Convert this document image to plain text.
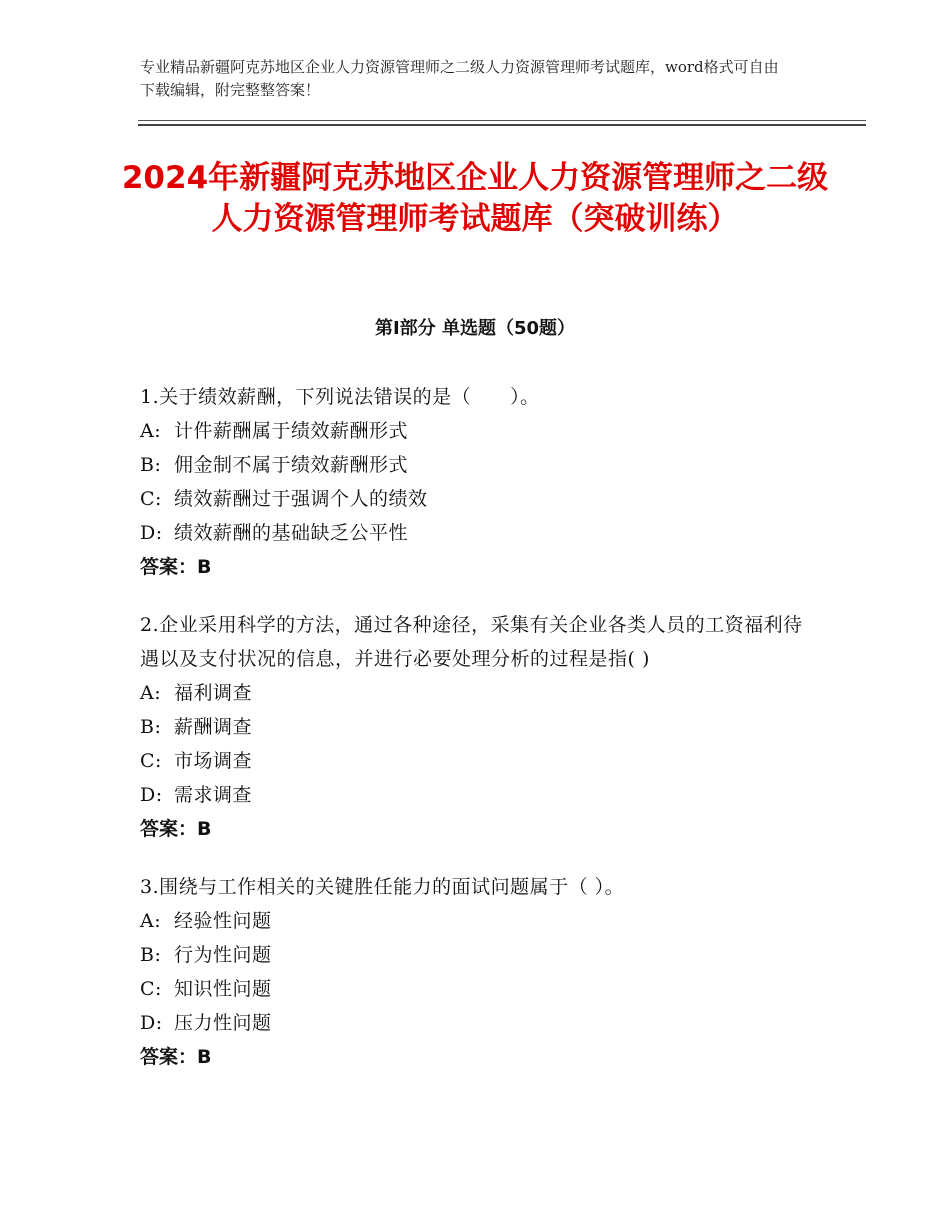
专业精品新疆阿克苏地区企业人力资源管理师之二级人力资源管理师考试题库，word格式可自由下载编辑，附完整整答案！
2024年新疆阿克苏地区企业人力资源管理师之二级人力资源管理师考试题库（突破训练）
第Ⅰ部分 单选题（50题）
1.关于绩效薪酬，下列说法错误的是（　　）。
A: 计件薪酬属于绩效薪酬形式
B: 佣金制不属于绩效薪酬形式
C: 绩效薪酬过于强调个人的绩效
D: 绩效薪酬的基础缺乏公平性
答案：B
2.企业采用科学的方法，通过各种途径，采集有关企业各类人员的工资福利待遇以及支付状况的信息，并进行必要处理分析的过程是指( )
A: 福利调查
B: 薪酬调查
C: 市场调查
D: 需求调查
答案：B
3.围绕与工作相关的关键胜任能力的面试问题属于（ ）。
A: 经验性问题
B: 行为性问题
C: 知识性问题
D: 压力性问题
答案：B
